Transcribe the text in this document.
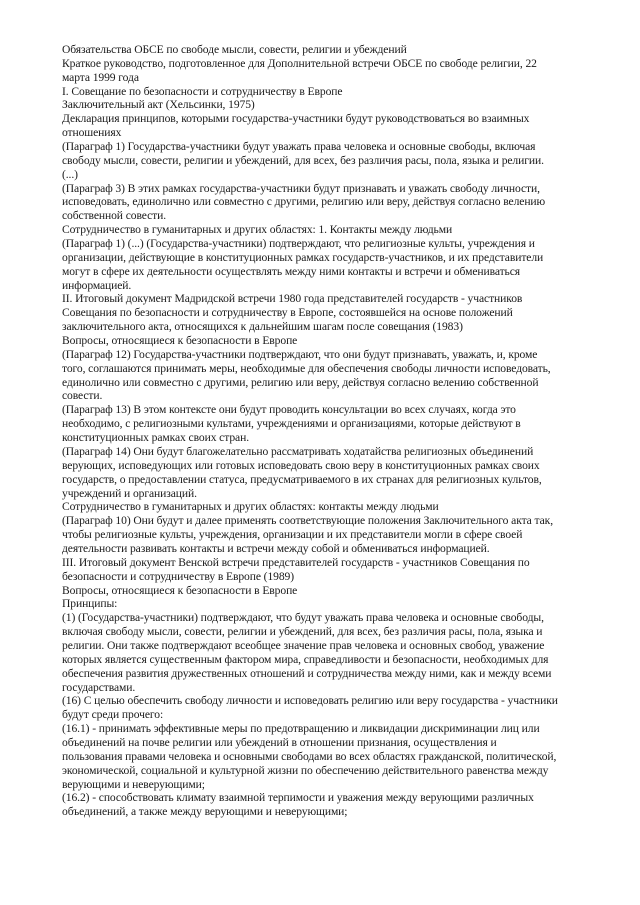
Обязательства ОБСЕ по свободе мысли, совести, религии и убеждений
Краткое руководство, подготовленное для Дополнительной встречи ОБСЕ по свободе религии, 22
марта 1999 года
I. Совещание по безопасности и сотрудничеству в Европе
Заключительный акт (Хельсинки, 1975)
Декларация принципов, которыми государства-участники будут руководствоваться во взаимных
отношениях
(Параграф 1) Государства-участники будут уважать права человека и основные свободы, включая
свободу мысли, совести, религии и убеждений, для всех, без различия расы, пола, языка и религии.
(...)
(Параграф 3) В этих рамках государства-участники будут признавать и уважать свободу личности,
исповедовать, единолично или совместно с другими, религию или веру, действуя согласно велению
собственной совести.
Сотрудничество в гуманитарных и других областях: 1. Контакты между людьми
(Параграф 1) (...) (Государства-участники) подтверждают, что религиозные культы, учреждения и
организации, действующие в конституционных рамках государств-участников, и их представители
могут в сфере их деятельности осуществлять между ними контакты и встречи и обмениваться
информацией.
II. Итоговый документ Мадридской встречи 1980 года представителей государств - участников
Совещания по безопасности и сотрудничеству в Европе, состоявшейся на основе положений
заключительного акта, относящихся к дальнейшим шагам после совещания (1983)
Вопросы, относящиеся к безопасности в Европе
(Параграф 12) Государства-участники подтверждают, что они будут признавать, уважать, и, кроме
того, соглашаются принимать меры, необходимые для обеспечения свободы личности исповедовать,
единолично или совместно с другими, религию или веру, действуя согласно велению собственной
совести.
(Параграф 13) В этом контексте они будут проводить консультации во всех случаях, когда это
необходимо, с религиозными культами, учреждениями и организациями, которые действуют в
конституционных рамках своих стран.
(Параграф 14) Они будут благожелательно рассматривать ходатайства религиозных объединений
верующих, исповедующих или готовых исповедовать свою веру в конституционных рамках своих
государств, о предоставлении статуса, предусматриваемого в их странах для религиозных культов,
учреждений и организаций.
Сотрудничество в гуманитарных и других областях: контакты между людьми
(Параграф 10) Они будут и далее применять соответствующие положения Заключительного акта так,
чтобы религиозные культы, учреждения, организации и их представители могли в сфере своей
деятельности развивать контакты и встречи между собой и обмениваться информацией.
III. Итоговый документ Венской встречи представителей государств - участников Совещания по
безопасности и сотрудничеству в Европе (1989)
Вопросы, относящиеся к безопасности в Европе
Принципы:
(1) (Государства-участники) подтверждают, что будут уважать права человека и основные свободы,
включая свободу мысли, совести, религии и убеждений, для всех, без различия расы, пола, языка и
религии. Они также подтверждают всеобщее значение прав человека и основных свобод, уважение
которых является существенным фактором мира, справедливости и безопасности, необходимых для
обеспечения развития дружественных отношений и сотрудничества между ними, как и между всеми
государствами.
(16) С целью обеспечить свободу личности и исповедовать религию или веру государства - участники
будут среди прочего:
(16.1) - принимать эффективные меры по предотвращению и ликвидации дискриминации лиц или
объединений на почве религии или убеждений в отношении признания, осуществления и
пользования правами человека и основными свободами во всех областях гражданской, политической,
экономической, социальной и культурной жизни по обеспечению действительного равенства между
верующими и неверующими;
(16.2) - способствовать климату взаимной терпимости и уважения между верующими различных
объединений, а также между верующими и неверующими;
